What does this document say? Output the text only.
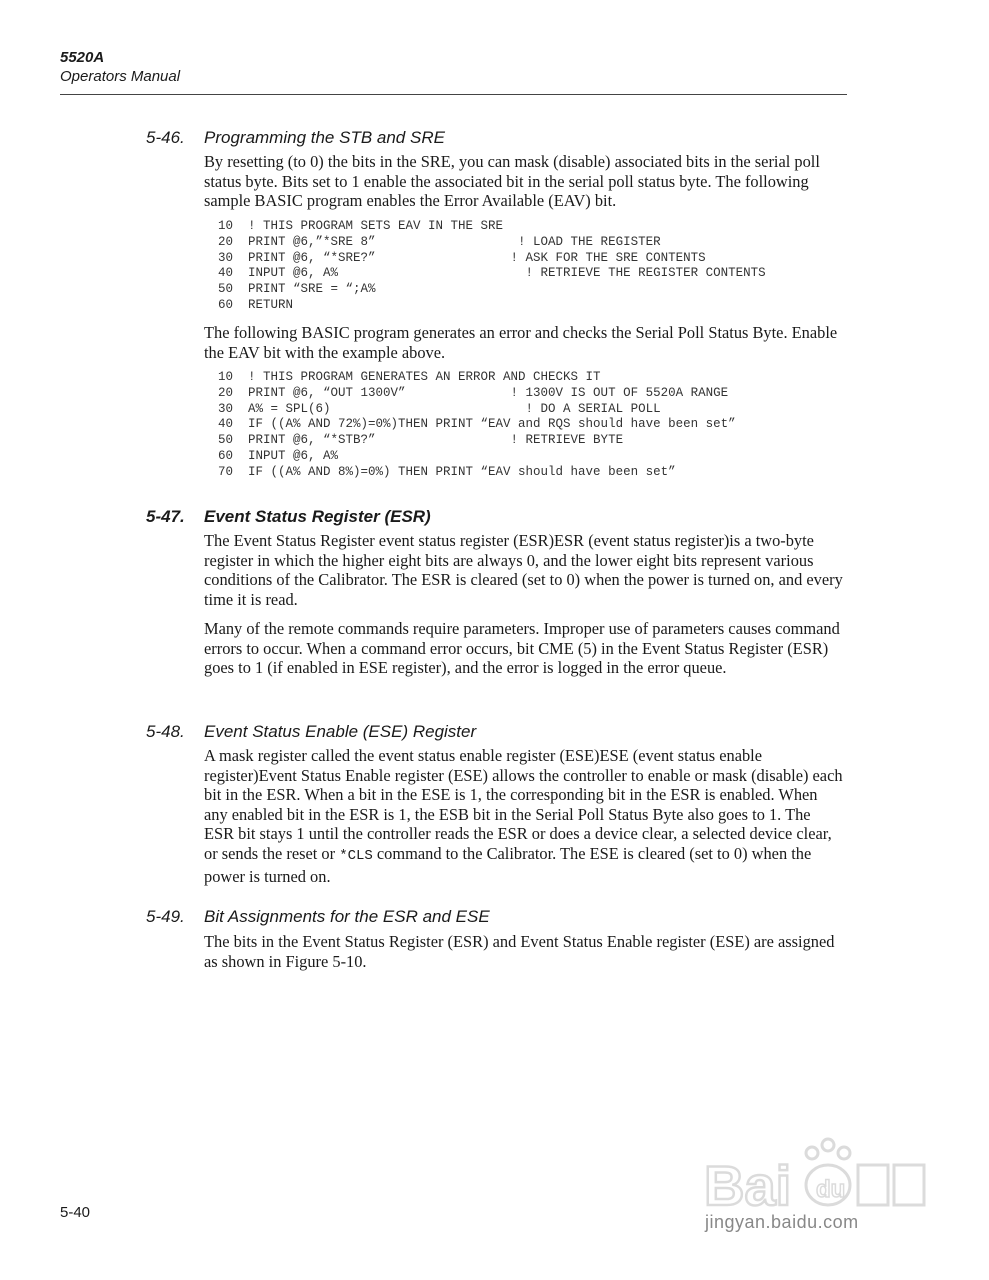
5520A
Operators Manual
5-46. Programming the STB and SRE

By resetting (to 0) the bits in the SRE, you can mask (disable) associated bits in the serial poll status byte. Bits set to 1 enable the associated bit in the serial poll status byte. The following sample BASIC program enables the Error Available (EAV) bit.

10  ! THIS PROGRAM SETS EAV IN THE SRE
20  PRINT @6,”*SRE 8”                   ! LOAD THE REGISTER
30  PRINT @6, “*SRE?”                  ! ASK FOR THE SRE CONTENTS
40  INPUT @6, A%                         ! RETRIEVE THE REGISTER CONTENTS
50  PRINT “SRE = “;A%
60  RETURN

The following BASIC program generates an error and checks the Serial Poll Status Byte. Enable the EAV bit with the example above.

10  ! THIS PROGRAM GENERATES AN ERROR AND CHECKS IT
20  PRINT @6, “OUT 1300V”              ! 1300V IS OUT OF 5520A RANGE
30  A% = SPL(6)                          ! DO A SERIAL POLL
40  IF ((A% AND 72%)=0%)THEN PRINT “EAV and RQS should have been set”
50  PRINT @6, “*STB?”                  ! RETRIEVE BYTE
60  INPUT @6, A%
70  IF ((A% AND 8%)=0%) THEN PRINT “EAV should have been set”
5-47. Event Status Register (ESR)

The Event Status Register event status register (ESR)ESR (event status register)is a two-byte register in which the higher eight bits are always 0, and the lower eight bits represent various conditions of the Calibrator. The ESR is cleared (set to 0) when the power is turned on, and every time it is read.

Many of the remote commands require parameters. Improper use of parameters causes command errors to occur. When a command error occurs, bit CME (5) in the Event Status Register (ESR) goes to 1 (if enabled in ESE register), and the error is logged in the error queue.

5-48. Event Status Enable (ESE) Register

A mask register called the event status enable register (ESE)ESE (event status enable register)Event Status Enable register (ESE) allows the controller to enable or mask (disable) each bit in the ESR. When a bit in the ESE is 1, the corresponding bit in the ESR is enabled. When any enabled bit in the ESR is 1, the ESB bit in the Serial Poll Status Byte also goes to 1. The ESR bit stays 1 until the controller reads the ESR or does a device clear, a selected device clear, or sends the reset or *CLS command to the Calibrator. The ESE is cleared (set to 0) when the power is turned on.

5-49. Bit Assignments for the ESR and ESE

The bits in the Event Status Register (ESR) and Event Status Enable register (ESE) are assigned as shown in Figure 5-10.

5-40	Bai du
jingyan.baidu.com
